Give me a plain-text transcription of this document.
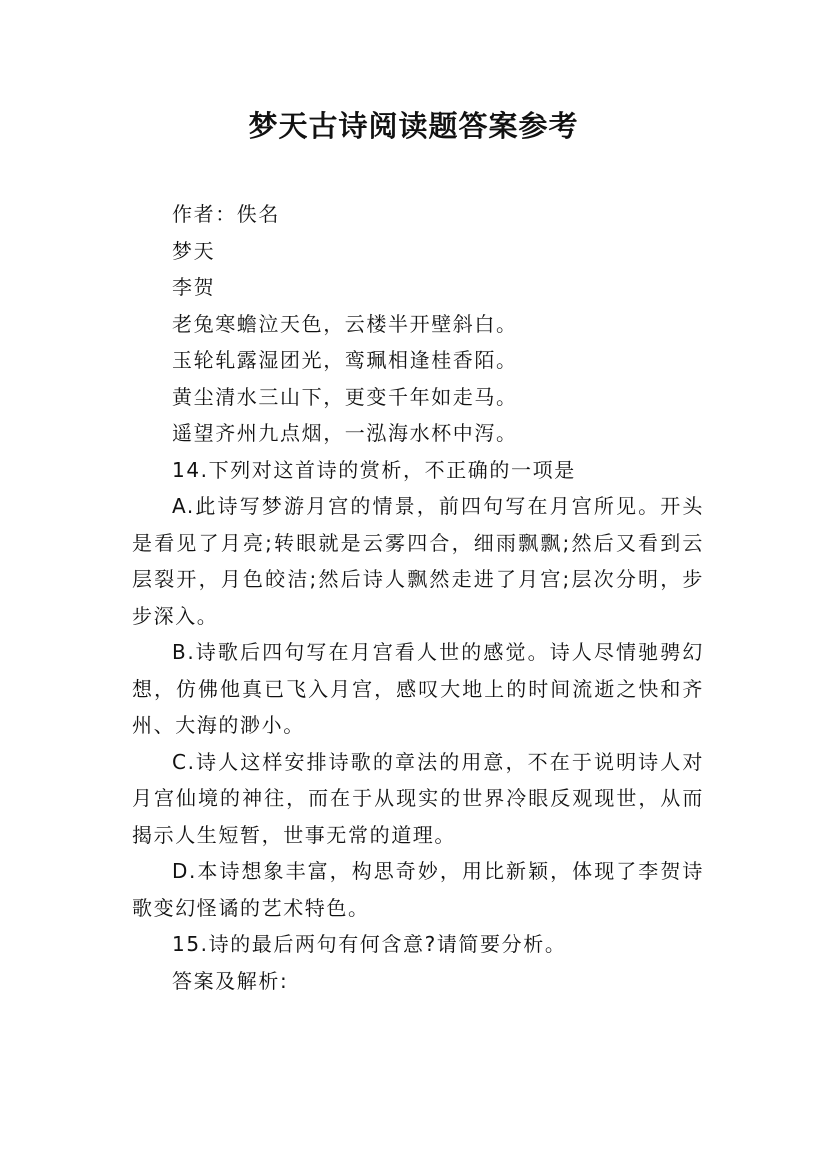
梦天古诗阅读题答案参考
作者：佚名
梦天
李贺
老兔寒蟾泣天色，云楼半开壁斜白。
玉轮轧露湿团光，鸾珮相逢桂香陌。
黄尘清水三山下，更变千年如走马。
遥望齐州九点烟，一泓海水杯中泻。
14.下列对这首诗的赏析，不正确的一项是
A.此诗写梦游月宫的情景，前四句写在月宫所见。开头是看见了月亮;转眼就是云雾四合，细雨飘飘;然后又看到云层裂开，月色皎洁;然后诗人飘然走进了月宫;层次分明，步步深入。
B.诗歌后四句写在月宫看人世的感觉。诗人尽情驰骋幻想，仿佛他真已飞入月宫，感叹大地上的时间流逝之快和齐州、大海的渺小。
C.诗人这样安排诗歌的章法的用意，不在于说明诗人对月宫仙境的神往，而在于从现实的世界冷眼反观现世，从而揭示人生短暂，世事无常的道理。
D.本诗想象丰富，构思奇妙，用比新颖，体现了李贺诗歌变幻怪谲的艺术特色。
15.诗的最后两句有何含意?请简要分析。
答案及解析:
